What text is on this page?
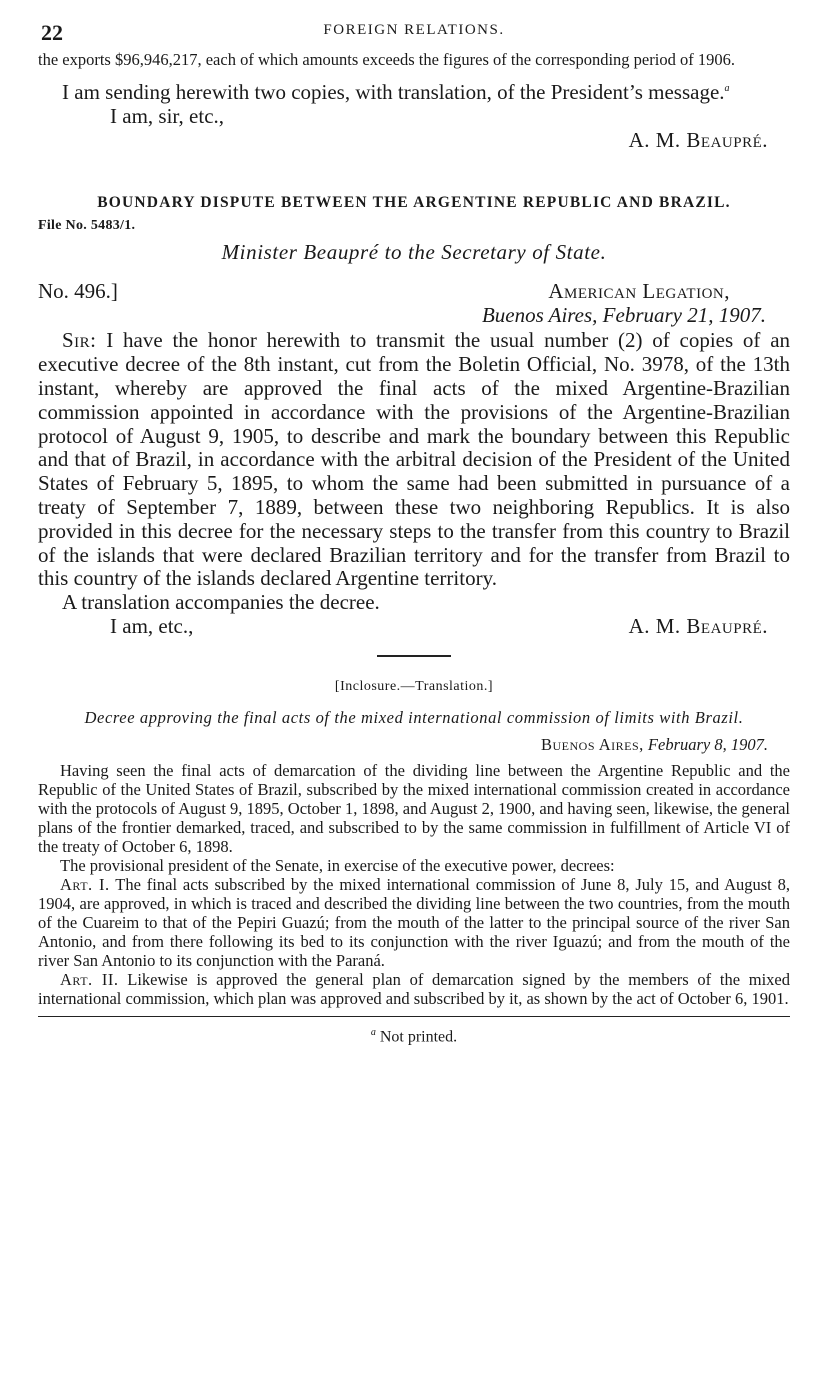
22	FOREIGN RELATIONS.

the exports $96,946,217, each of which amounts exceeds the figures of the corresponding period of 1906.

I am sending herewith two copies, with translation, of the President’s message.$^a$

I am, sir, etc.,

A. M. Beaupré.

BOUNDARY DISPUTE BETWEEN THE ARGENTINE REPUBLIC AND BRAZIL.
File No. 5483/1.
Minister Beaupré to the Secretary of State.
No. 496.]	American Legation,
Buenos Aires, February 21, 1907.

Sir: I have the honor herewith to transmit the usual number (2) of copies of an executive decree of the 8th instant, cut from the Boletin Official, No. 3978, of the 13th instant, whereby are approved the final acts of the mixed Argentine-Brazilian commission appointed in accordance with the provisions of the Argentine-Brazilian protocol of August 9, 1905, to describe and mark the boundary between this Republic and that of Brazil, in accordance with the arbitral decision of the President of the United States of February 5, 1895, to whom the same had been submitted in pursuance of a treaty of September 7, 1889, between these two neighboring Republics. It is also provided in this decree for the necessary steps to the transfer from this country to Brazil of the islands that were declared Brazilian territory and for the transfer from Brazil to this country of the islands declared Argentine territory.

A translation accompanies the decree.

I am, etc.,	A. M. Beaupré.
[Inclosure.—Translation.]
Decree approving the final acts of the mixed international commission of limits with Brazil.
Buenos Aires, February 8, 1907.

Having seen the final acts of demarcation of the dividing line between the Argentine Republic and the Republic of the United States of Brazil, subscribed by the mixed international commission created in accordance with the protocols of August 9, 1895, October 1, 1898, and August 2, 1900, and having seen, likewise, the general plans of the frontier demarked, traced, and subscribed to by the same commission in fulfillment of Article VI of the treaty of October 6, 1898.

The provisional president of the Senate, in exercise of the executive power, decrees:

Art. I. The final acts subscribed by the mixed international commission of June 8, July 15, and August 8, 1904, are approved, in which is traced and described the dividing line between the two countries, from the mouth of the Cuareim to that of the Pepiri Guazú; from the mouth of the latter to the principal source of the river San Antonio, and from there following its bed to its conjunction with the river Iguazú; and from the mouth of the river San Antonio to its conjunction with the Paraná.

Art. II. Likewise is approved the general plan of demarcation signed by the members of the mixed international commission, which plan was approved and subscribed by it, as shown by the act of October 6, 1901.

$^a$ Not printed.
